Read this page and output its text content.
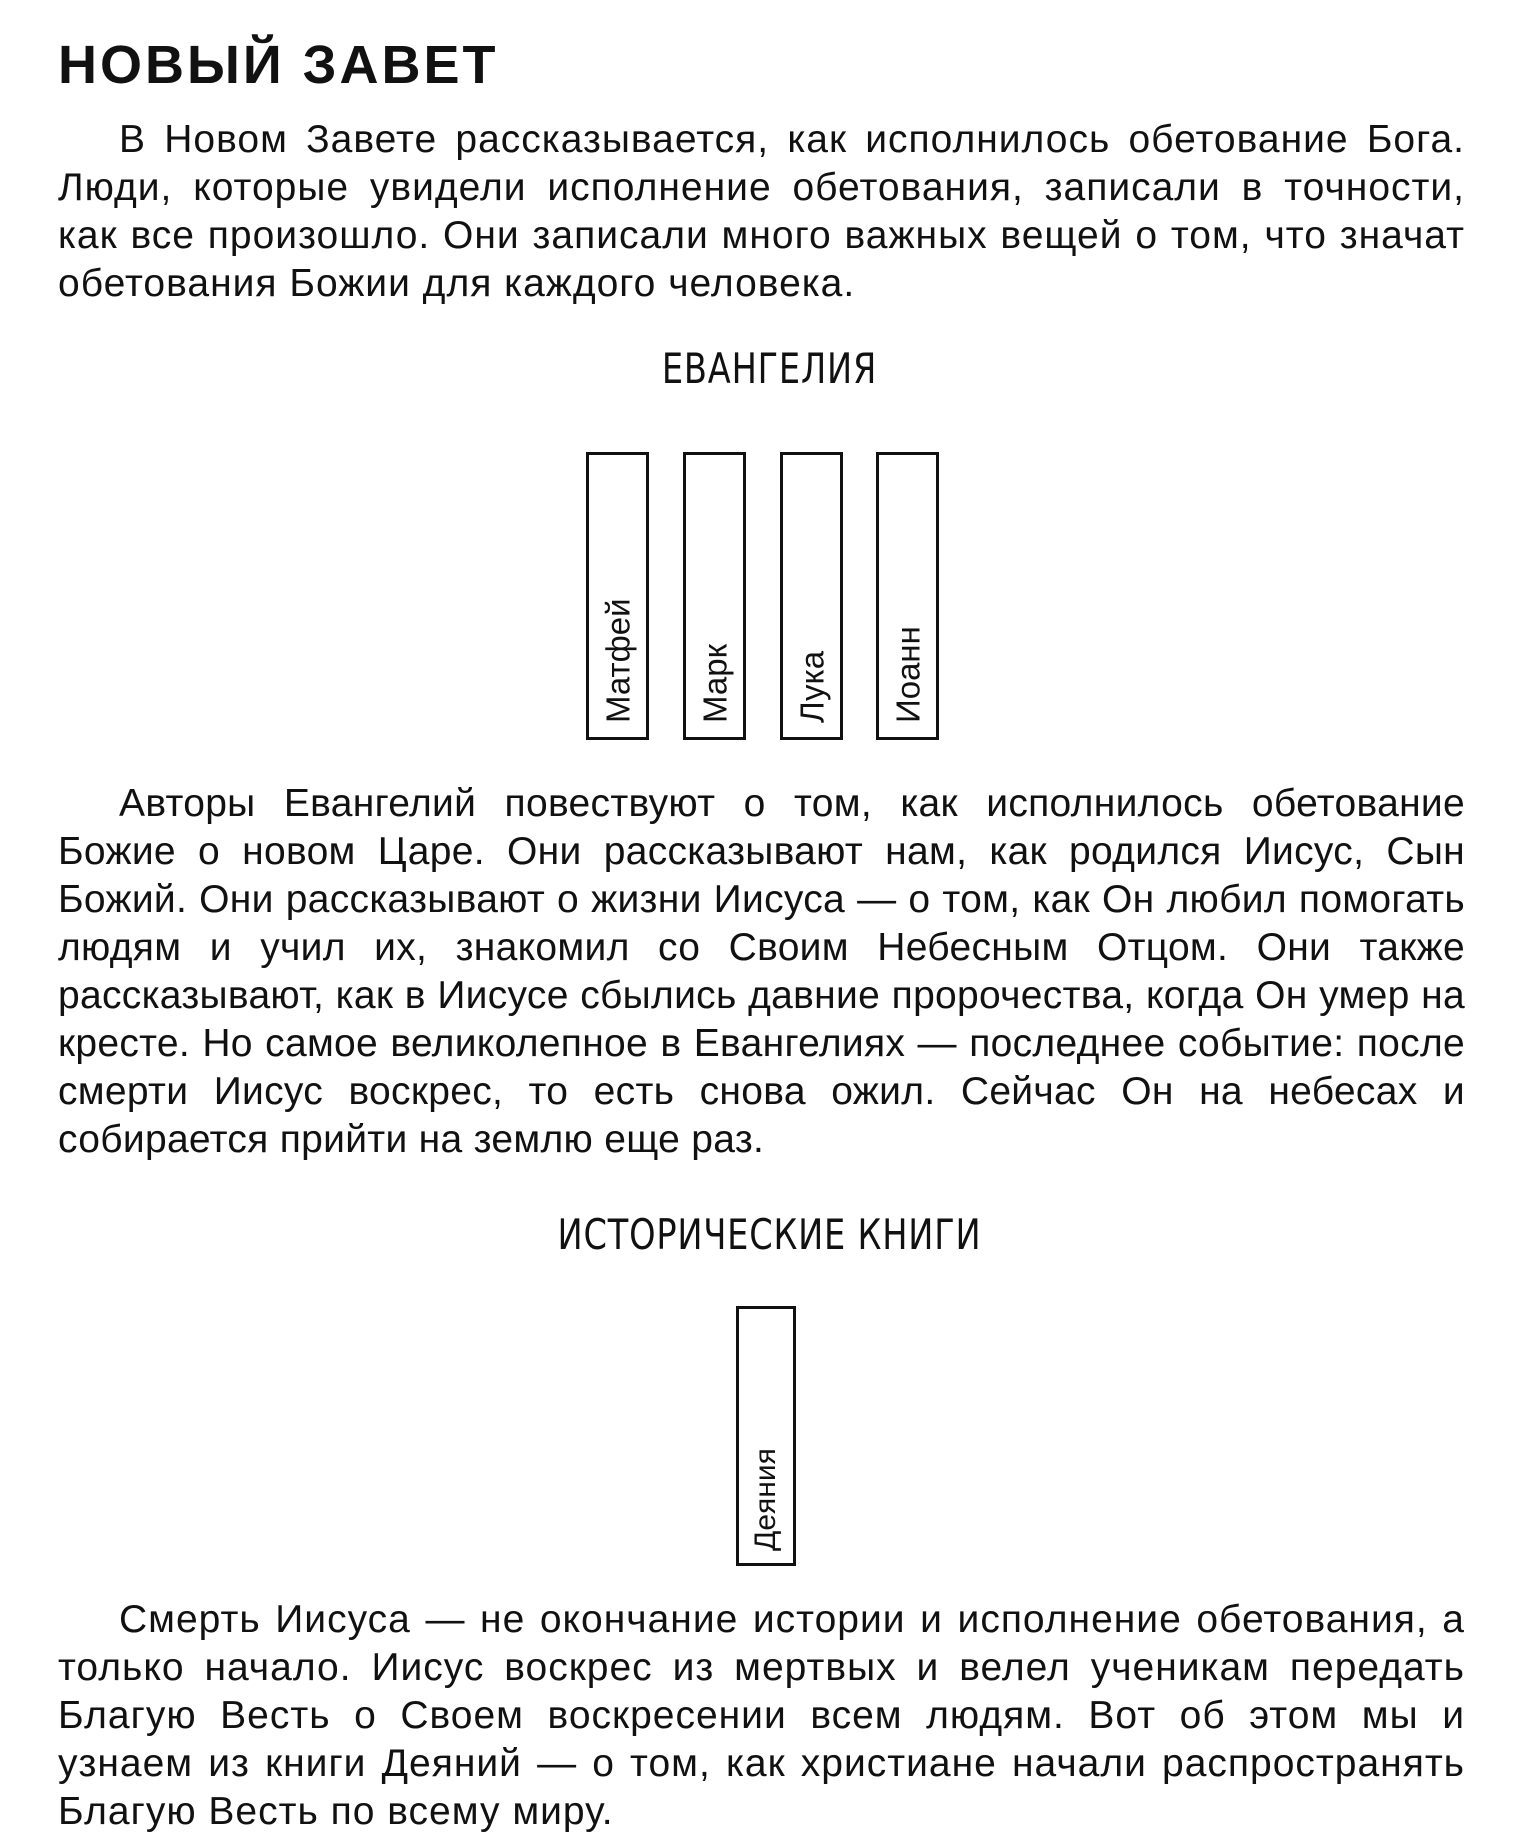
НОВЫЙ ЗАВЕТ

В Новом Завете рассказывается, как исполнилось обетование Бога. Люди, которые увидели исполнение обетования, записали в точности, как все произошло. Они записали много важных вещей о том, что значат обетования Божии для каждого человека.

ЕВАНГЕЛИЯ
Матфей Марк Лука Иоанн

Авторы Евангелий повествуют о том, как исполнилось обетование Божие о новом Царе. Они рассказывают нам, как родился Иисус, Сын Божий. Они рассказывают о жизни Иисуса — о том, как Он любил помогать людям и учил их, знакомил со Своим Небесным Отцом. Они также рассказывают, как в Иисусе сбылись давние пророчества, когда Он умер на кресте. Но самое великолепное в Евангелиях — последнее событие: после смерти Иисус воскрес, то есть снова ожил. Сейчас Он на небесах и собирается прийти на землю еще раз.

ИСТОРИЧЕСКИЕ КНИГИ
Деяния

Смерть Иисуса — не окончание истории и исполнение обетования, а только начало. Иисус воскрес из мертвых и велел ученикам передать Благую Весть о Своем воскресении всем людям. Вот об этом мы и узнаем из книги Деяний — о том, как христиане начали распространять Благую Весть по всему миру.
